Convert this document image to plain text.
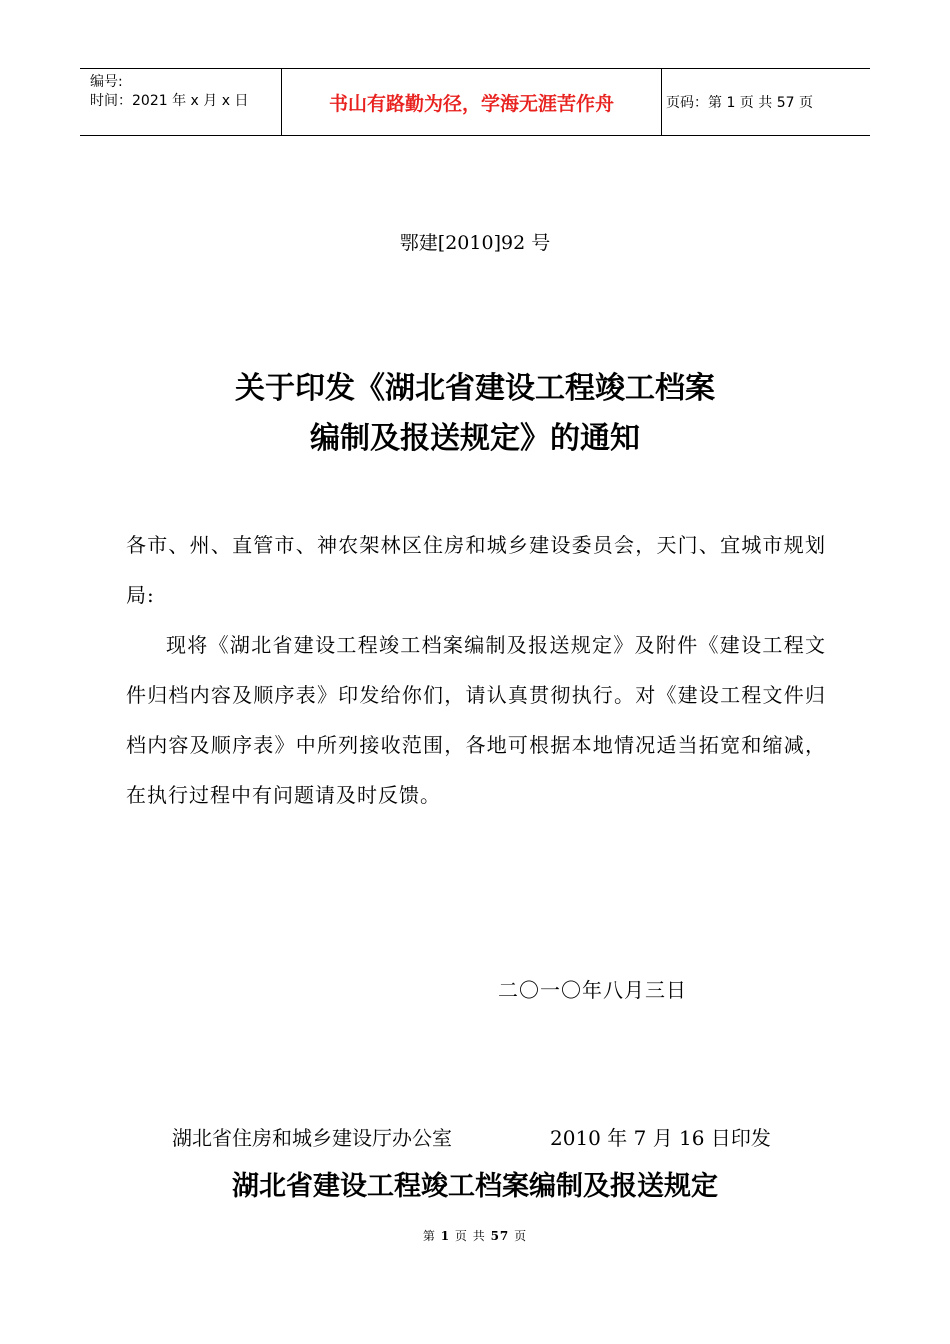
编号:
时间：2021 年 x 月 x 日	书山有路勤为径，学海无涯苦作舟	页码：第 1 页 共 57 页
鄂建[2010]92 号
关于印发《湖北省建设工程竣工档案
编制及报送规定》的通知

各市、州、直管市、神农架林区住房和城乡建设委员会，天门、宜城市规划局:

现将《湖北省建设工程竣工档案编制及报送规定》及附件《建设工程文件归档内容及顺序表》印发给你们，请认真贯彻执行。对《建设工程文件归档内容及顺序表》中所列接收范围，各地可根据本地情况适当拓宽和缩减，在执行过程中有问题请及时反馈。

二〇一〇年八月三日
湖北省住房和城乡建设厅办公室	2010 年 7 月 16 日印发
湖北省建设工程竣工档案编制及报送规定
第 1 页 共 57 页
